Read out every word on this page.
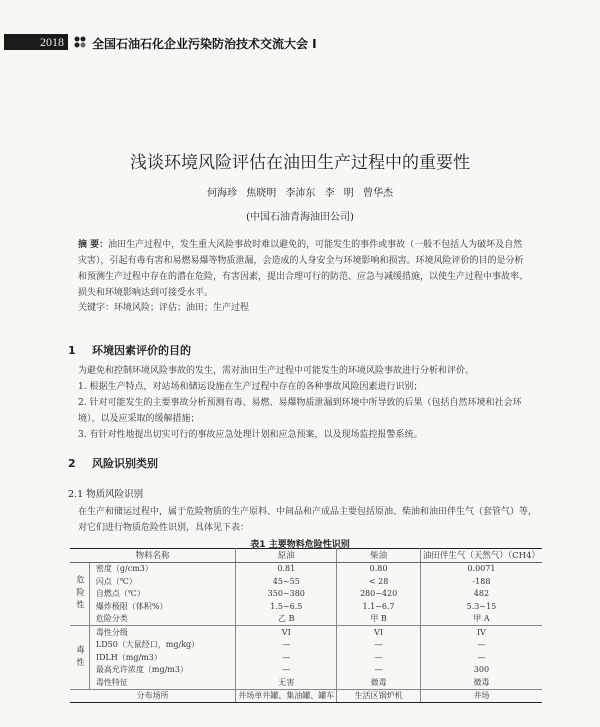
2018	全国石油石化企业污染防治技术交流大会 I
浅谈环境风险评估在油田生产过程中的重要性
何海珍 焦晓明 李沛东 李 明 曾华杰
(中国石油青海油田公司)
摘 要：油田生产过程中，发生重大风险事故时难以避免的，可能发生的事件或事故（一般不包括人为破坏及自然灾害），引起有毒有害和易燃易爆等物质泄漏，会造成的人身安全与环境影响和损害。环境风险评价的目的是分析和预测生产过程中存在的潜在危险，有害因素，提出合理可行的防范、应急与减缓措施，以使生产过程中事故率、损失和环境影响达到可接受水平。
关键字：环境风险；评估；油田；生产过程
1 环境因素评价的目的
为避免和控制环境风险事故的发生，需对油田生产过程中可能发生的环境风险事故进行分析和评价。
1. 根据生产特点，对站场和储运设施在生产过程中存在的各种事故风险因素进行识别；
2. 针对可能发生的主要事故分析预测有毒、易燃、易爆物质泄漏到环境中所导致的后果（包括自然环境和社会环境），以及应采取的缓解措施；
3. 有针对性地提出切实可行的事故应急处理计划和应急预案，以及现场监控报警系统。
2 风险识别类别
2.1 物质风险识别
在生产和储运过程中，属于危险物质的生产原料、中间品和产成品主要包括原油、柴油和油田伴生气（套管气）等，对它们进行物质危险性识别，具体见下表：
表1 主要物料危险性识别
物料名称		原油	柴油	油田伴生气（天然气）（CH4）
危险性	密度（g/cm3）	0.81	0.80	0.0071
	闪点（℃）	45~55	< 28	-188
	自燃点（℃）	350~380	280~420	482
	爆炸极限（体积%）	1.5~6.5	1.1~6.7	5.3~15
	危险分类	乙 B	甲 B	甲 A
毒性	毒性分级	VI	VI	IV
	LD50（大鼠经口，mg/kg）	—	—	—
	IDLH（mg/m3）	—	—	—
	最高允许浓度（mg/m3）	—	—	300
	毒性特征	无害	微毒	微毒
分布场所		井场单井罐、集油罐、罐车	生活区锅炉机	井场
